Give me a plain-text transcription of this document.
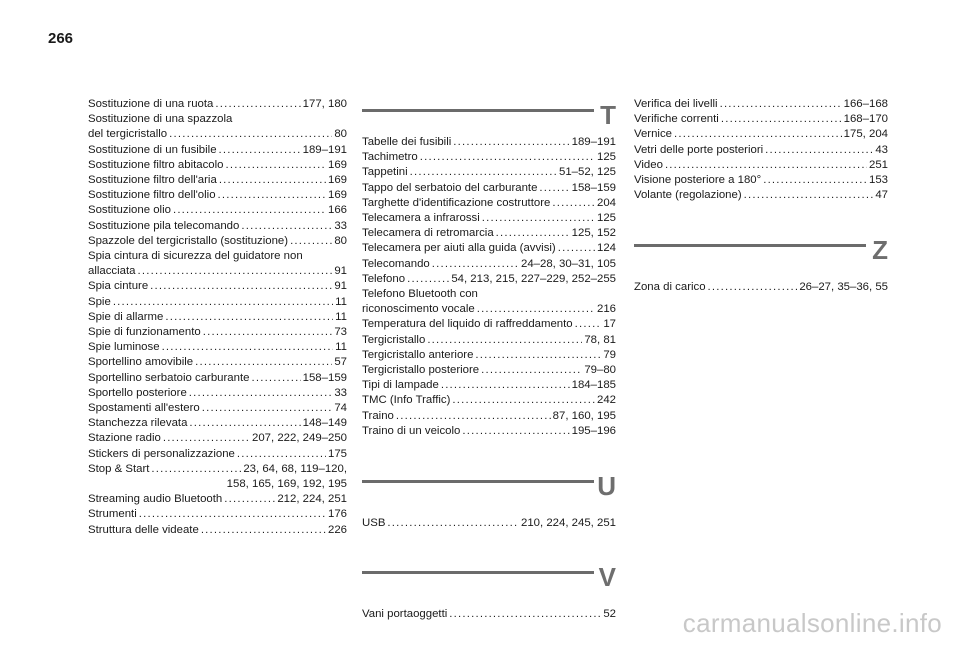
266
Sostituzione di una ruota .....	177, 180
Sostituzione di una spazzola
del tergicristallo .....	80
Sostituzione di un fusibile .....	189–191
Sostituzione filtro abitacolo .....	169
Sostituzione filtro dell'aria .....	169
Sostituzione filtro dell'olio .....	169
Sostituzione olio .....	166
Sostituzione pila telecomando .....	33
Spazzole del tergicristallo (sostituzione) .....	80
Spia cintura di sicurezza del guidatore non
allacciata .....	91
Spia cinture .....	91
Spie .....	11
Spie di allarme .....	11
Spie di funzionamento .....	73
Spie luminose .....	11
Sportellino amovibile .....	57
Sportellino serbatoio carburante .....	158–159
Sportello posteriore .....	33
Spostamenti all'estero .....	74
Stanchezza rilevata .....	148–149
Stazione radio .....	207, 222, 249–250
Stickers di personalizzazione .....	175
Stop & Start .....	23, 64, 68, 119–120,
158, 165, 169, 192, 195
Streaming audio Bluetooth .....	212, 224, 251
Strumenti .....	176
Struttura delle videate .....	226
T
Tabelle dei fusibili .....	189–191
Tachimetro .....	125
Tappetini .....	51–52, 125
Tappo del serbatoio del carburante .....	158–159
Targhette d'identificazione costruttore .....	204
Telecamera a infrarossi .....	125
Telecamera di retromarcia .....	125, 152
Telecamera per aiuti alla guida (avvisi) .....	124
Telecomando .....	24–28, 30–31, 105
Telefono .....	54, 213, 215, 227–229, 252–255
Telefono Bluetooth con
riconoscimento vocale .....	216
Temperatura del liquido di raffreddamento .....	17
Tergicristallo .....	78, 81
Tergicristallo anteriore .....	79
Tergicristallo posteriore .....	79–80
Tipi di lampade .....	184–185
TMC (Info Traffic) .....	242
Traino .....	87, 160, 195
Traino di un veicolo .....	195–196
U
USB .....	210, 224, 245, 251
V
Vani portaoggetti .....	52
Verifica dei livelli .....	166–168
Verifiche correnti .....	168–170
Vernice .....	175, 204
Vetri delle porte posteriori .....	43
Video .....	251
Visione posteriore a 180° .....	153
Volante (regolazione) .....	47
Z
Zona di carico .....	26–27, 35–36, 55
carmanualsonline.info
